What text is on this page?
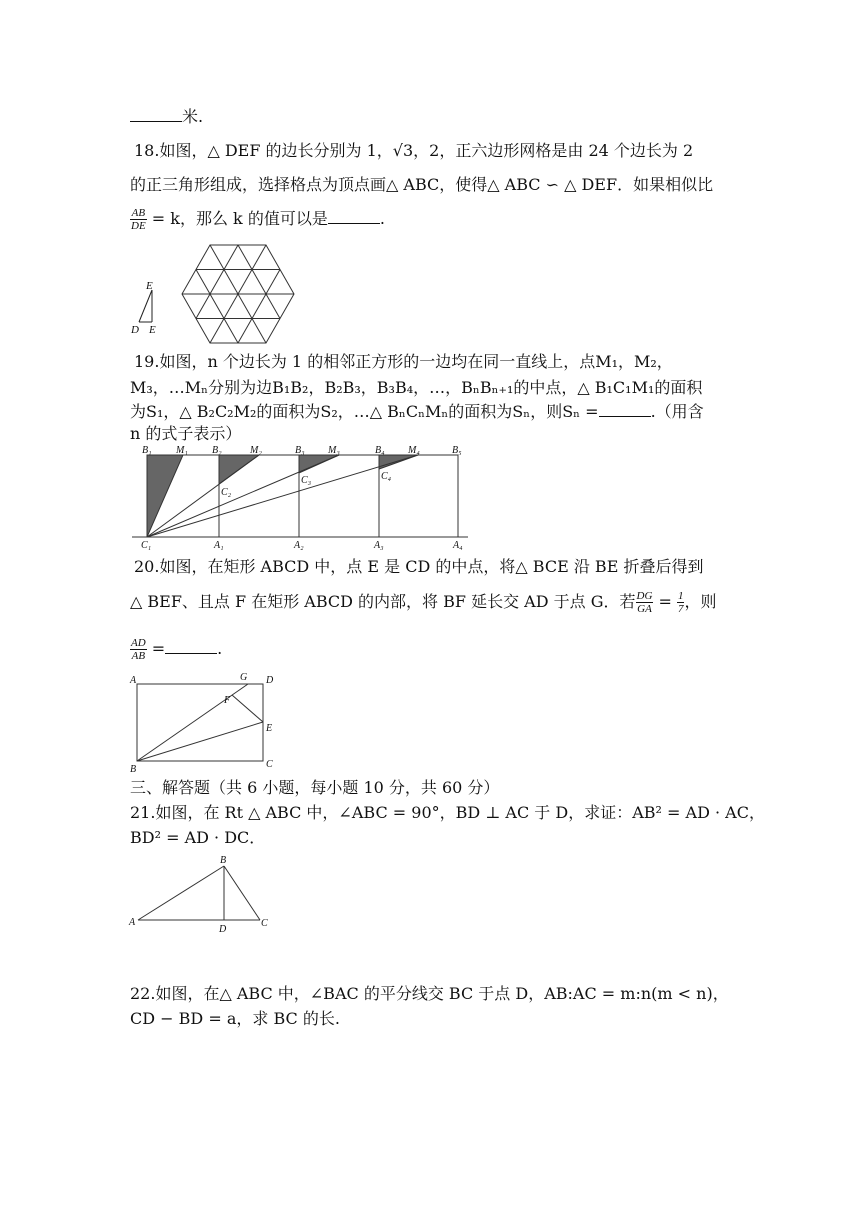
米.
18.如图，△ DEF 的边长分别为 1，√3，2，正六边形网格是由 24 个边长为 2
的正三角形组成，选择格点为顶点画△ ABC，使得△ ABC ∽ △ DEF．如果相似比
$\frac{AB}{DE} = k$，那么 k 的值可以是	.
E
D E
B₁ M₁ B₂	M₂	B₃ M₃	B₄ M₄	B₅
C₂
C₃	C₄
C₁	A₁	A₂	A₃	A₄
A	G D
F
E
B	C
B
A
D
C
19.如图，n 个边长为 1 的相邻正方形的一边均在同一直线上，点M₁，M₂，
M₃，…Mₙ分别为边B₁B₂，B₂B₃，B₃B₄，…，BₙBₙ₊₁的中点，△ B₁C₁M₁的面积
为S₁，△ B₂C₂M₂的面积为S₂，…△ BₙCₙMₙ的面积为Sₙ，则Sₙ =	.（用含
n 的式子表示）
20.如图，在矩形 ABCD 中，点 E 是 CD 的中点，将△ BCE 沿 BE 折叠后得到
△ BEF、且点 F 在矩形 ABCD 的内部，将 BF 延长交 AD 于点 G．若 $\frac{DG}{GA} = \frac{1}{7}$ ，则
$\frac{AD}{AB}$ =	.
三、解答题（共 6 小题，每小题 10 分，共 60 分）
21.如图，在 Rt △ ABC 中，∠ABC = 90°，BD ⊥ AC 于 D，求证：AB² = AD · AC，
BD² = AD · DC．
22.如图，在△ ABC 中，∠BAC 的平分线交 BC 于点 D，AB:AC = m:n(m < n)，
CD − BD = a，求 BC 的长.
